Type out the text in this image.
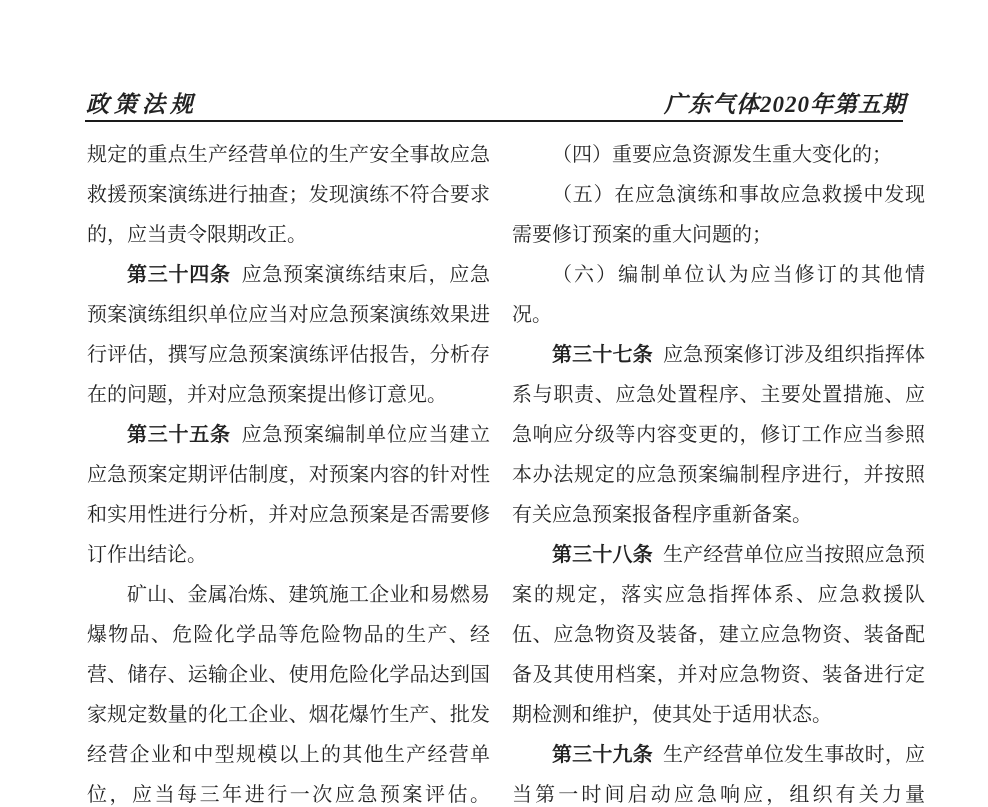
政策法规	广东气体2020年第五期

规定的重点生产经营单位的生产安全事故应急救援预案演练进行抽查；发现演练不符合要求的，应当责令限期改正。

第三十四条  应急预案演练结束后，应急预案演练组织单位应当对应急预案演练效果进行评估，撰写应急预案演练评估报告，分析存在的问题，并对应急预案提出修订意见。

第三十五条  应急预案编制单位应当建立应急预案定期评估制度，对预案内容的针对性和实用性进行分析，并对应急预案是否需要修订作出结论。

矿山、金属冶炼、建筑施工企业和易燃易爆物品、危险化学品等危险物品的生产、经营、储存、运输企业、使用危险化学品达到国家规定数量的化工企业、烟花爆竹生产、批发经营企业和中型规模以上的其他生产经营单位，应当每三年进行一次应急预案评估。

（四）重要应急资源发生重大变化的；

（五）在应急演练和事故应急救援中发现需要修订预案的重大问题的；

（六）编制单位认为应当修订的其他情况。

第三十七条  应急预案修订涉及组织指挥体系与职责、应急处置程序、主要处置措施、应急响应分级等内容变更的，修订工作应当参照本办法规定的应急预案编制程序进行，并按照有关应急预案报备程序重新备案。

第三十八条  生产经营单位应当按照应急预案的规定，落实应急指挥体系、应急救援队伍、应急物资及装备，建立应急物资、装备配备及其使用档案，并对应急物资、装备进行定期检测和维护，使其处于适用状态。

第三十九条  生产经营单位发生事故时，应当第一时间启动应急响应，组织有关力量
